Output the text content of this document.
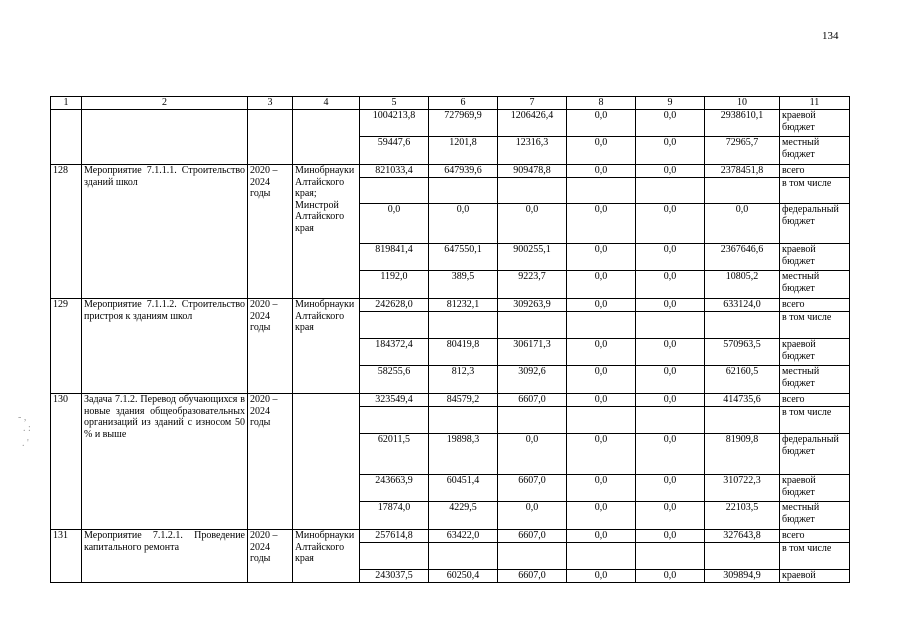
134
- ,
. :
. '
1	2	3	4	5	6	7	8	9	10	11
				1004213,8	727969,9	1206426,4	0,0	0,0	2938610,1	краевой бюджет
				59447,6	1201,8	12316,3	0,0	0,0	72965,7	местный бюджет
128	Мероприятие 7.1.1.1. Строительство зданий школ	2020 – 2024 годы	Минобрнауки Алтайского края; Минстрой Алтайского края	821033,4	647939,6	909478,8	0,0	0,0	2378451,8	всего
										в том числе
				0,0	0,0	0,0	0,0	0,0	0,0	федеральный бюджет
				819841,4	647550,1	900255,1	0,0	0,0	2367646,6	краевой бюджет
				1192,0	389,5	9223,7	0,0	0,0	10805,2	местный бюджет
129	Мероприятие 7.1.1.2. Строительство пристроя к зданиям школ	2020 – 2024 годы	Минобрнауки Алтайского края	242628,0	81232,1	309263,9	0,0	0,0	633124,0	всего
										в том числе
				184372,4	80419,8	306171,3	0,0	0,0	570963,5	краевой бюджет
				58255,6	812,3	3092,6	0,0	0,0	62160,5	местный бюджет
130	Задача 7.1.2. Перевод обучающихся в новые здания общеобразовательных организаций из зданий с износом 50 % и выше	2020 – 2024 годы		323549,4	84579,2	6607,0	0,0	0,0	414735,6	всего
										в том числе
				62011,5	19898,3	0,0	0,0	0,0	81909,8	федеральный бюджет
				243663,9	60451,4	6607,0	0,0	0,0	310722,3	краевой бюджет
				17874,0	4229,5	0,0	0,0	0,0	22103,5	местный бюджет
131	Мероприятие 7.1.2.1. Проведение капитального ремонта	2020 – 2024 годы	Минобрнауки Алтайского края	257614,8	63422,0	6607,0	0,0	0,0	327643,8	всего
										в том числе
				243037,5	60250,4	6607,0	0,0	0,0	309894,9	краевой
